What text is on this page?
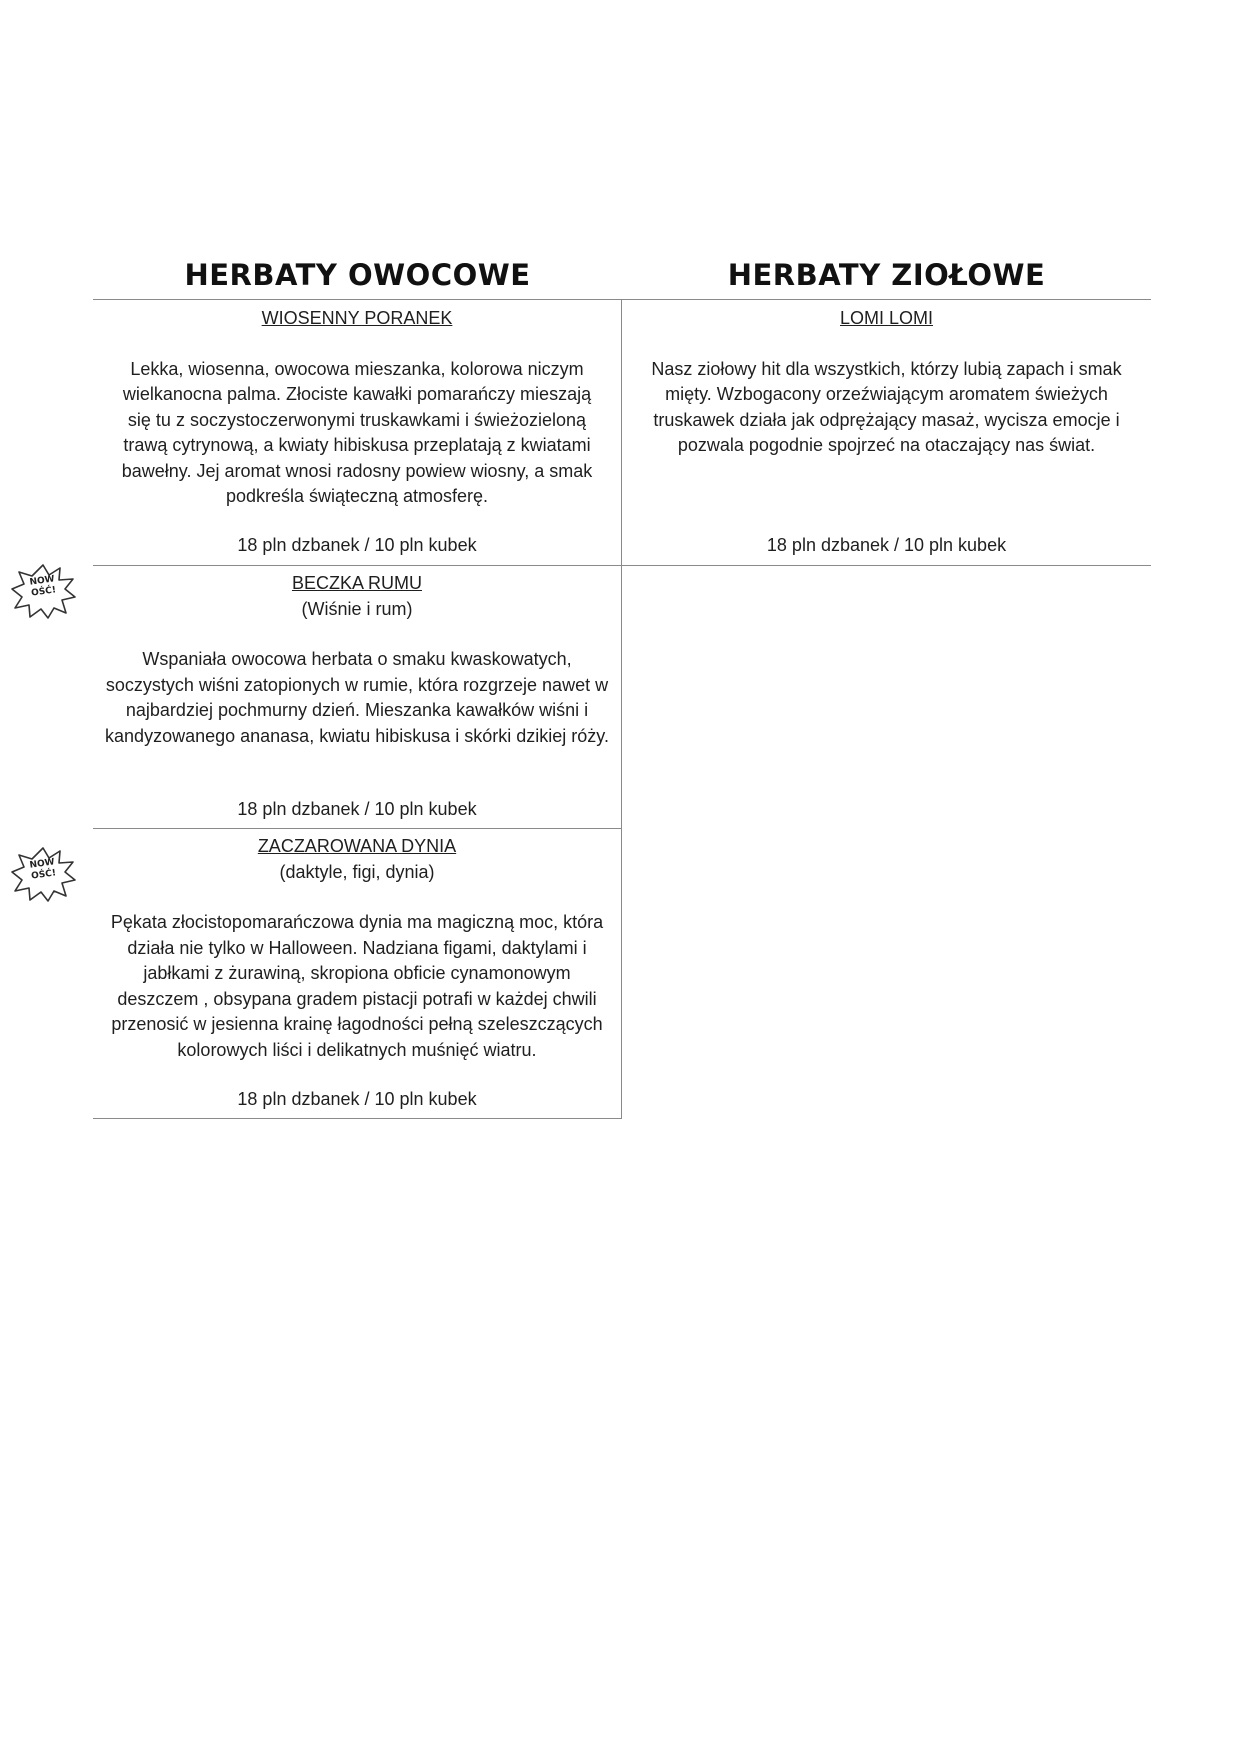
HERBATY OWOCOWE	HERBATY ZIOŁOWE
WIOSENNY PORANEK
Lekka, wiosenna, owocowa mieszanka, kolorowa niczym wielkanocna palma. Złociste kawałki pomarańczy mieszają się tu z soczystoczerwonymi truskawkami i świeżozieloną trawą cytrynową, a kwiaty hibiskusa przeplatają z kwiatami bawełny. Jej aromat wnosi radosny powiew wiosny, a smak podkreśla świąteczną atmosferę.
18 pln dzbanek / 10 pln kubek
LOMI LOMI
Nasz ziołowy hit dla wszystkich, którzy lubią zapach i smak mięty. Wzbogacony orzeźwiającym aromatem świeżych truskawek działa jak odprężający masaż, wycisza emocje i pozwala pogodnie spojrzeć na otaczający nas świat.
18 pln dzbanek / 10 pln kubek
BECZKA RUMU
(Wiśnie i rum)
Wspaniała owocowa herbata o smaku kwaskowatych, soczystych wiśni zatopionych w rumie, która rozgrzeje nawet w najbardziej pochmurny dzień. Mieszanka kawałków wiśni i kandyzowanego ananasa, kwiatu hibiskusa i skórki dzikiej róży.
18 pln dzbanek / 10 pln kubek
ZACZAROWANA DYNIA
(daktyle, figi, dynia)
Pękata złocistopomarańczowa dynia ma magiczną moc, która działa nie tylko w Halloween. Nadziana figami, daktylami i jabłkami z żurawiną, skropiona obficie cynamonowym deszczem , obsypana gradem pistacji potrafi w każdej chwili przenosić w jesienna krainę łagodności pełną szeleszczących kolorowych liści i delikatnych muśnięć wiatru.
18 pln dzbanek / 10 pln kubek
NOW
OŚĆ!
NOW
OŚĆ!
